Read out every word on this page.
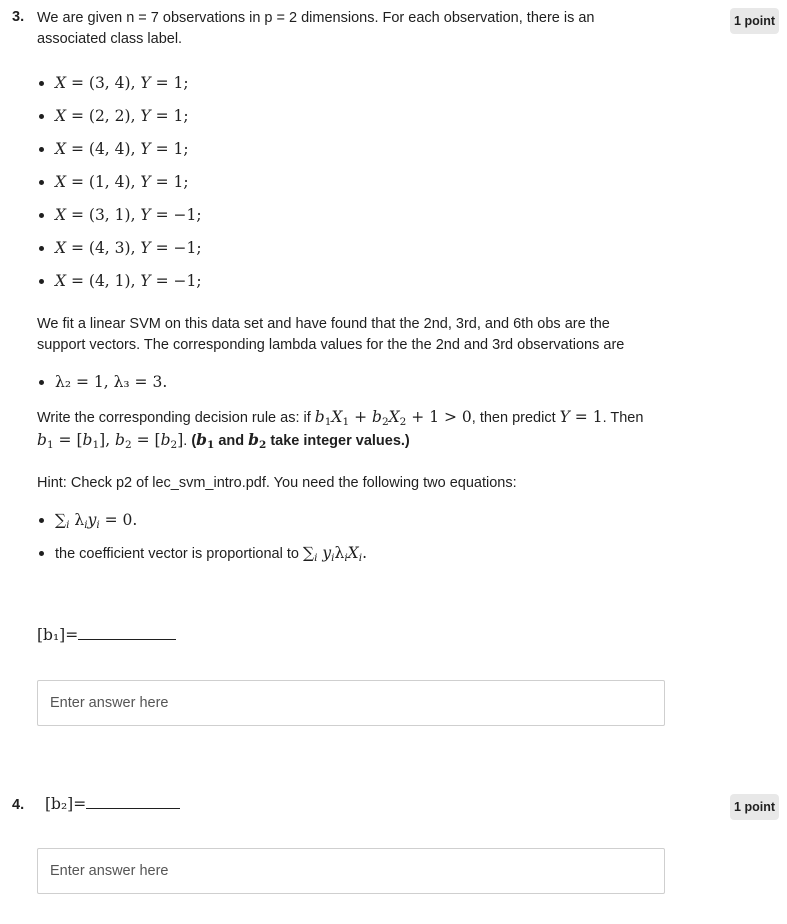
3.	1 point

We are given n = 7 observations in p = 2 dimensions. For each observation, there is an associated class label.

X = (3, 4), Y = 1;
X = (2, 2), Y = 1;
X = (4, 4), Y = 1;
X = (1, 4), Y = 1;
X = (3, 1), Y = −1;
X = (4, 3), Y = −1;
X = (4, 1), Y = −1;

We fit a linear SVM on this data set and have found that the 2nd, 3rd, and 6th obs are the support vectors. The corresponding lambda values for the the 2nd and 3rd observations are

λ₂ = 1, λ₃ = 3.

Write the corresponding decision rule as: if $b_1X_1 + b_2X_2 + 1 > 0$, then predict Y = 1. Then
$b_1 = [b_1]$, $b_2 = [b_2]$. ($b_1$ and $b_2$ take integer values.)

Hint: Check p2 of lec_svm_intro.pdf. You need the following two equations:

$\sum_i$ $\lambda_iy_i = 0$.
the coefficient vector is proportional to $\sum_i$ $y_i\lambda_iX_i$.
[b₁]=
Enter answer here
4.	1 point
[b₂]=
Enter answer here
